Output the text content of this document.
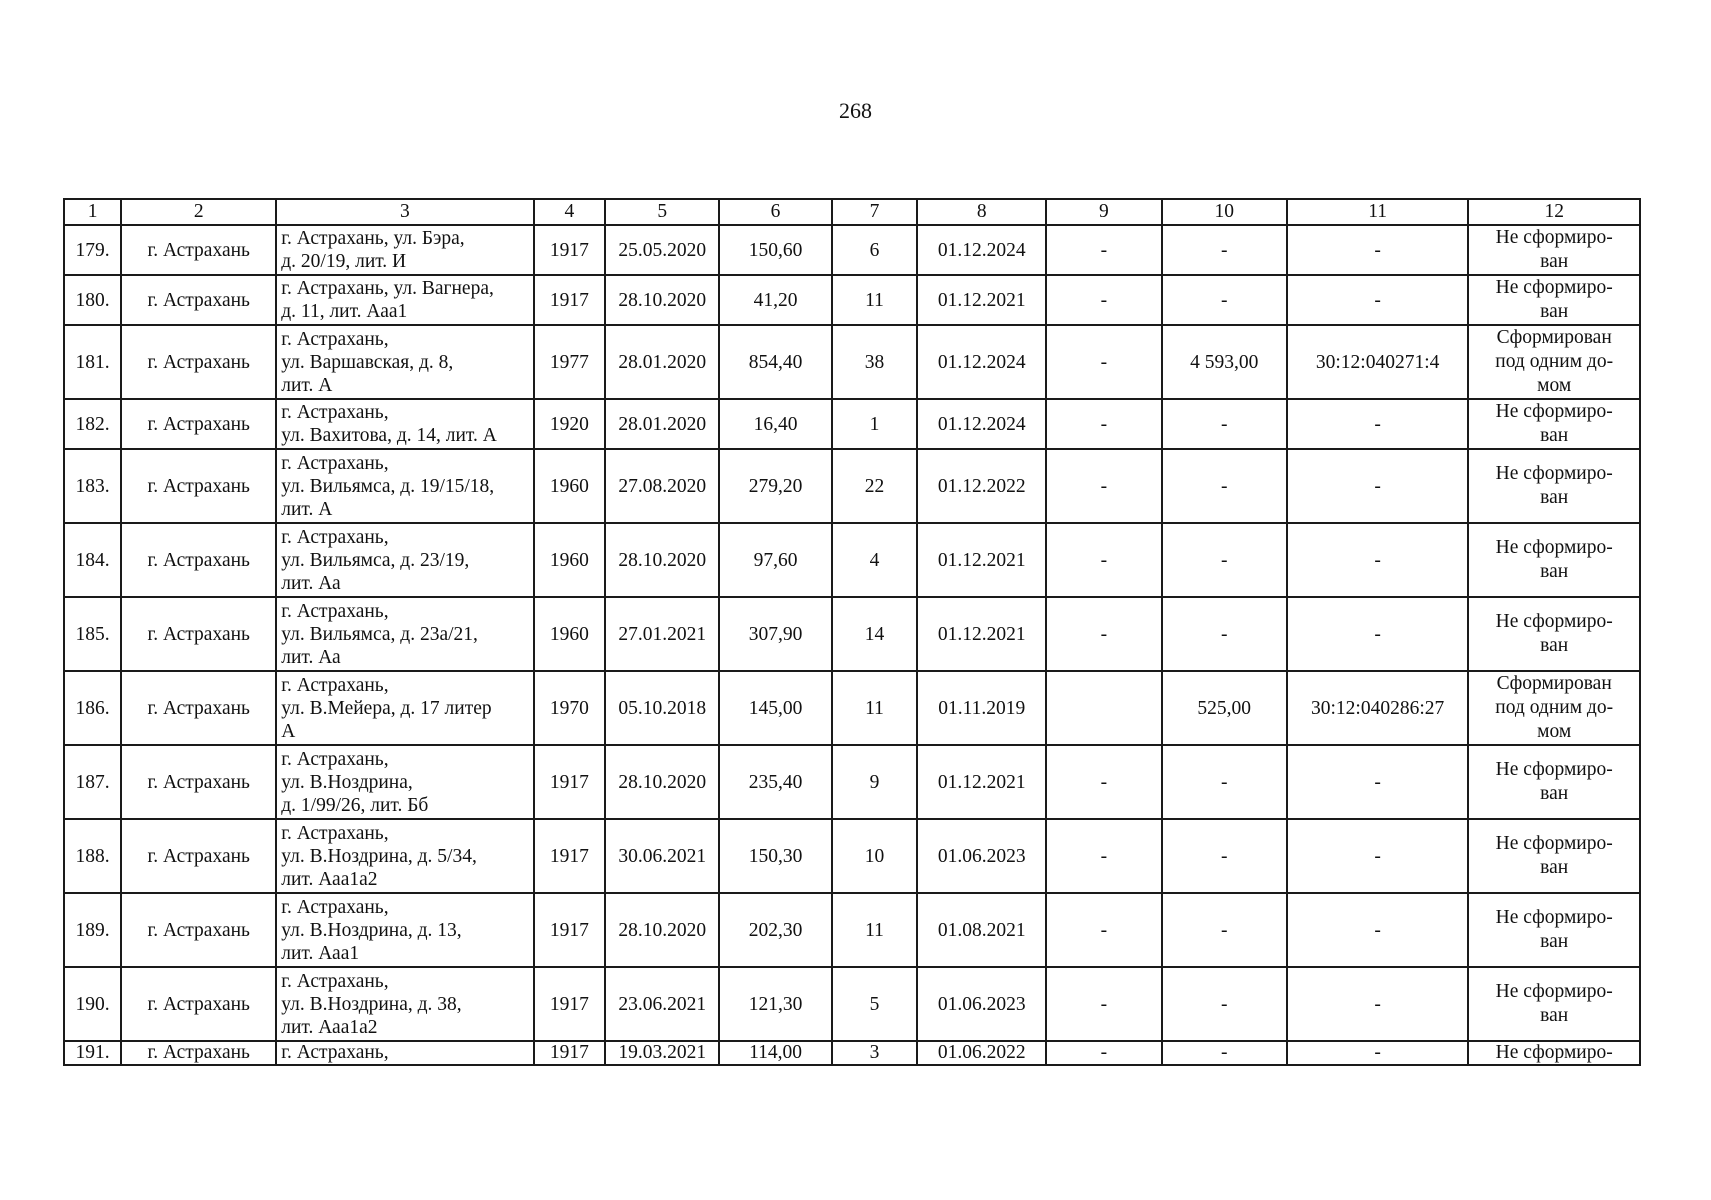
268
1	2	3	4	5	6	7	8	9	10	11	12
179.	г. Астрахань	г. Астрахань, ул. Бэра,
д. 20/19, лит. И	1917	25.05.2020	150,60	6	01.12.2024	-	-	-	Не сформиро-
ван

180.	г. Астрахань	г. Астрахань, ул. Вагнера,
д. 11, лит. Ааа1	1917	28.10.2020	41,20	11	01.12.2021	-	-	-	Не сформиро-
ван

181.	г. Астрахань	г. Астрахань,
ул. Варшавская, д. 8,
лит. А	1977	28.01.2020	854,40	38	01.12.2024	-	4 593,00	30:12:040271:4	Сформирован
под одним до-
мом

182.	г. Астрахань	г. Астрахань,
ул. Вахитова, д. 14, лит. А	1920	28.01.2020	16,40	1	01.12.2024	-	-	-	Не сформиро-
ван

183.	г. Астрахань	г. Астрахань,
ул. Вильямса, д. 19/15/18,
лит. А	1960	27.08.2020	279,20	22	01.12.2022	-	-	-	Не сформиро-
ван

184.	г. Астрахань	г. Астрахань,
ул. Вильямса, д. 23/19,
лит. Аа	1960	28.10.2020	97,60	4	01.12.2021	-	-	-	Не сформиро-
ван

185.	г. Астрахань	г. Астрахань,
ул. Вильямса, д. 23а/21,
лит. Аа	1960	27.01.2021	307,90	14	01.12.2021	-	-	-	Не сформиро-
ван

186.	г. Астрахань	г. Астрахань,
ул. В.Мейера, д. 17 литер
А	1970	05.10.2018	145,00	11	01.11.2019		525,00	30:12:040286:27	Сформирован
под одним до-
мом

187.	г. Астрахань	г. Астрахань,
ул. В.Ноздрина,
д. 1/99/26, лит. Бб	1917	28.10.2020	235,40	9	01.12.2021	-	-	-	Не сформиро-
ван

188.	г. Астрахань	г. Астрахань,
ул. В.Ноздрина, д. 5/34,
лит. Ааа1а2	1917	30.06.2021	150,30	10	01.06.2023	-	-	-	Не сформиро-
ван

189.	г. Астрахань	г. Астрахань,
ул. В.Ноздрина, д. 13,
лит. Ааа1	1917	28.10.2020	202,30	11	01.08.2021	-	-	-	Не сформиро-
ван

190.	г. Астрахань	г. Астрахань,
ул. В.Ноздрина, д. 38,
лит. Ааа1а2	1917	23.06.2021	121,30	5	01.06.2023	-	-	-	Не сформиро-
ван

191.	г. Астрахань	г. Астрахань,	1917	19.03.2021	114,00	3	01.06.2022	-	-	-	Не сформиро-
